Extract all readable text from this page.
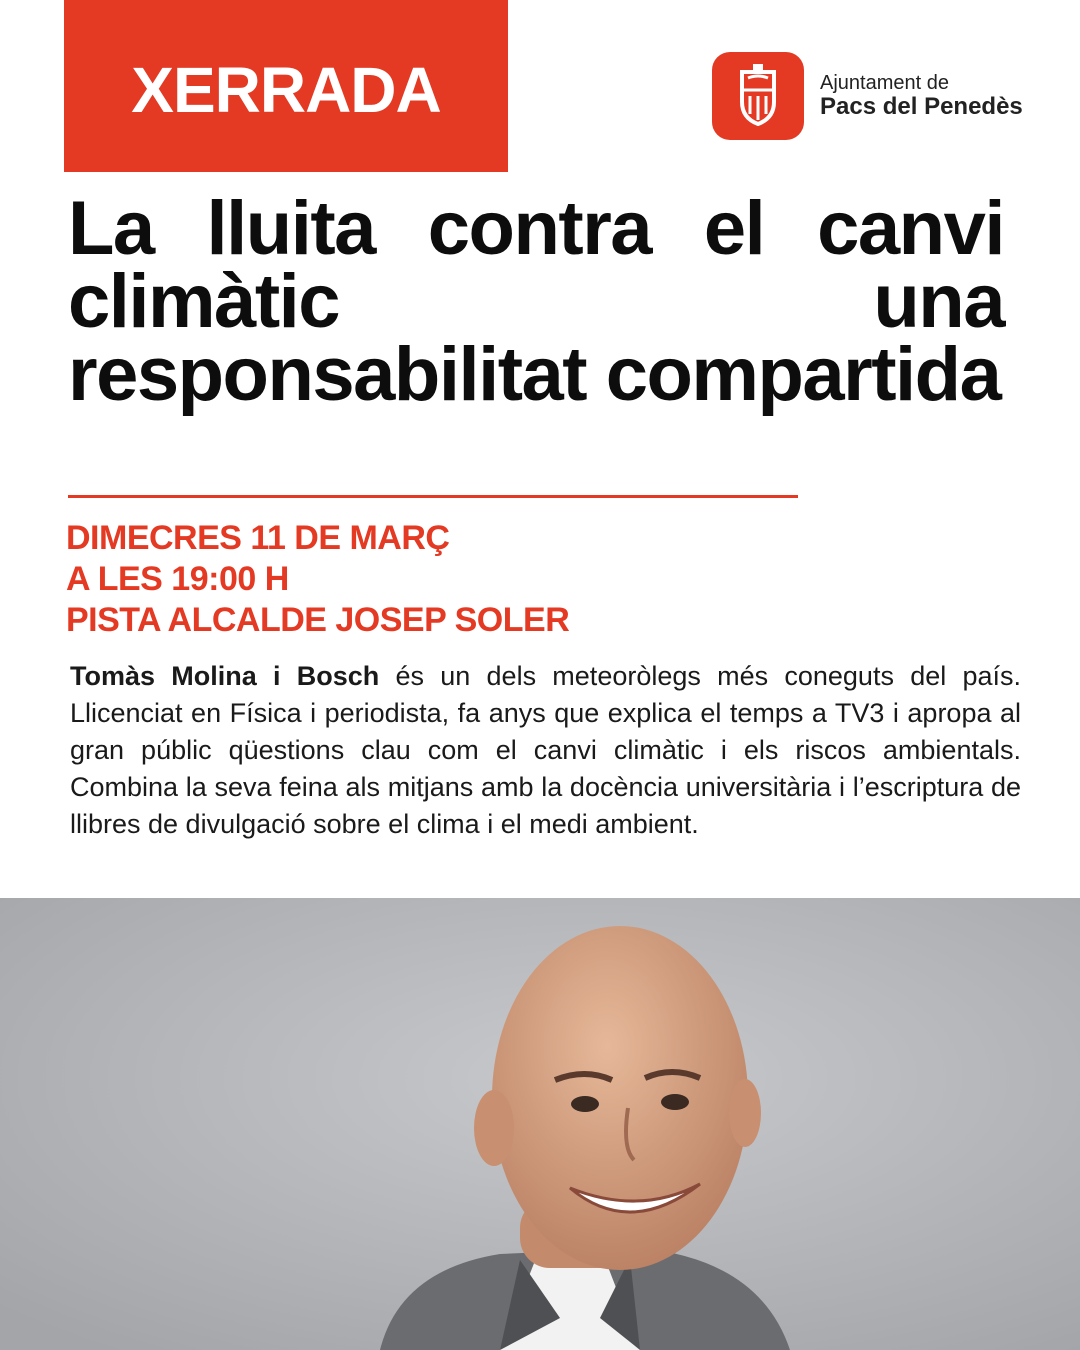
XERRADA	Ajuntament de
Pacs del Penedès
La lluita contra el canvi climàtic una responsabilitat compartida
DIMECRES 11 DE MARÇ
A LES 19:00 H
PISTA ALCALDE JOSEP SOLER

Tomàs Molina i Bosch és un dels meteoròlegs més coneguts del país. Llicenciat en Física i periodista, fa anys que explica el temps a TV3 i apropa al gran públic qüestions clau com el canvi climàtic i els riscos ambientals. Combina la seva feina als mitjans amb la docència universitària i l’escriptura de llibres de divulgació sobre el clima i el medi ambient.
